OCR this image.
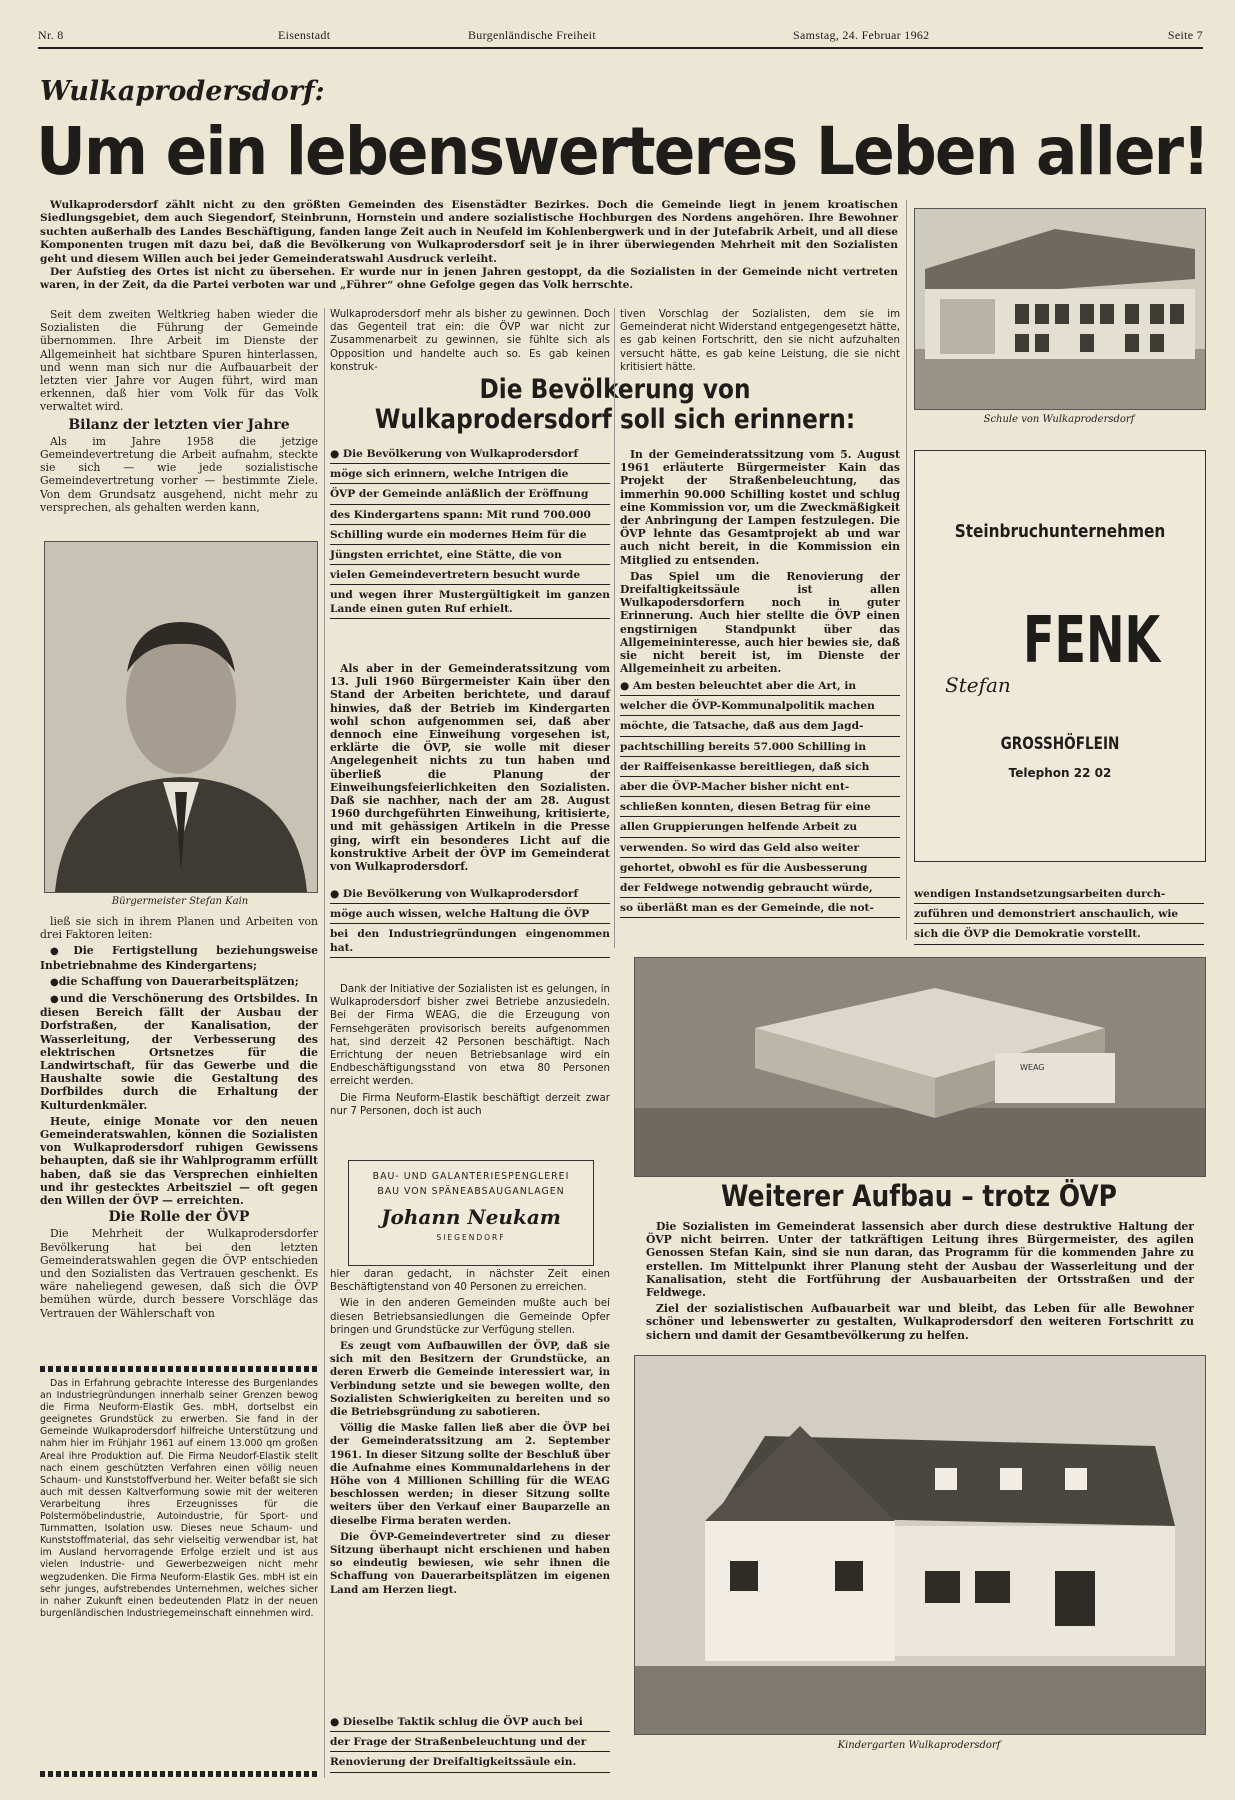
Nr. 8	Eisenstadt	Burgenländische Freiheit	Samstag, 24. Februar 1962	Seite 7
Wulkaprodersdorf:
Um ein lebenswerteres Leben aller!

Wulkaprodersdorf zählt nicht zu den größten Gemeinden des Eisenstädter Bezirkes. Doch die Gemeinde liegt in jenem kroatischen Siedlungsgebiet, dem auch Siegendorf, Steinbrunn, Hornstein und andere sozialistische Hochburgen des Nordens angehören. Ihre Bewohner suchten außerhalb des Landes Beschäftigung, fanden lange Zeit auch in Neufeld im Kohlenbergwerk und in der Jutefabrik Arbeit, und all diese Komponenten trugen mit dazu bei, daß die Bevölkerung von Wulkaprodersdorf seit je in ihrer überwiegenden Mehrheit mit den Sozialisten geht und diesem Willen auch bei jeder Gemeinderatswahl Ausdruck verleiht.

Der Aufstieg des Ortes ist nicht zu übersehen. Er wurde nur in jenen Jahren gestoppt, da die Sozialisten in der Gemeinde nicht vertreten waren, in der Zeit, da die Partei verboten war und „Führer“ ohne Gefolge gegen das Volk herrschte.

Schule von Wulkaprodersdorf

Seit dem zweiten Weltkrieg haben wieder die Sozialisten die Führung der Gemeinde übernommen. Ihre Arbeit im Dienste der Allgemeinheit hat sichtbare Spuren hinterlassen, und wenn man sich nur die Aufbauarbeit der letzten vier Jahre vor Augen führt, wird man erkennen, daß hier vom Volk für das Volk verwaltet wird.

Bilanz der letzten vier Jahre

Als im Jahre 1958 die jetzige Gemeindevertretung die Arbeit aufnahm, steckte sie sich — wie jede sozialistische Gemeindevertretung vorher — bestimmte Ziele. Von dem Grundsatz ausgehend, nicht mehr zu versprechen, als gehalten werden kann,

Bürgermeister Stefan Kain

ließ sie sich in ihrem Planen und Arbeiten von drei Faktoren leiten:

● Die Fertigstellung beziehungsweise Inbetriebnahme des Kindergartens;

● die Schaffung von Dauerarbeitsplätzen;

● und die Verschönerung des Ortsbildes. In diesen Bereich fällt der Ausbau der Dorfstraßen, der Kanalisation, der Wasserleitung, der Verbesserung des elektrischen Ortsnetzes für die Landwirtschaft, für das Gewerbe und die Haushalte sowie die Gestaltung des Dorfbildes durch die Erhaltung der Kulturdenkmäler.

Heute, einige Monate vor den neuen Gemeinderatswahlen, können die Sozialisten von Wulkaprodersdorf ruhigen Gewissens behaupten, daß sie ihr Wahlprogramm erfüllt haben, daß sie das Versprechen einhielten und ihr gestecktes Arbeitsziel — oft gegen den Willen der ÖVP — erreichten.

Die Rolle der ÖVP

Die Mehrheit der Wulkaprodersdorfer Bevölkerung hat bei den letzten Gemeinderatswahlen gegen die ÖVP entschieden und den Sozialisten das Vertrauen geschenkt. Es wäre naheliegend gewesen, daß sich die ÖVP bemühen würde, durch bessere Vorschläge das Vertrauen der Wählerschaft von

Das in Erfahrung gebrachte Interesse des Burgenlandes an Industriegründungen innerhalb seiner Grenzen bewog die Firma Neuform-Elastik Ges. mbH, dortselbst ein geeignetes Grundstück zu erwerben. Sie fand in der Gemeinde Wulkaprodersdorf hilfreiche Unterstützung und nahm hier im Frühjahr 1961 auf einem 13.000 qm großen Areal ihre Produktion auf. Die Firma Neudorf-Elastik stellt nach einem geschützten Verfahren einen völlig neuen Schaum- und Kunststoffverbund her. Weiter befaßt sie sich auch mit dessen Kaltverformung sowie mit der weiteren Verarbeitung ihres Erzeugnisses für die Polstermöbelindustrie, Autoindustrie, für Sport- und Turnmatten, Isolation usw. Dieses neue Schaum- und Kunststoffmaterial, das sehr vielseitig verwendbar ist, hat im Ausland hervorragende Erfolge erzielt und ist aus vielen Industrie- und Gewerbezweigen nicht mehr wegzudenken. Die Firma Neuform-Elastik Ges. mbH ist ein sehr junges, aufstrebendes Unternehmen, welches sicher in naher Zukunft einen bedeutenden Platz in der neuen burgenländischen Industriegemeinschaft einnehmen wird.

Wulkaprodersdorf mehr als bisher zu gewinnen. Doch das Gegenteil trat ein: die ÖVP war nicht zur Zusammenarbeit zu gewinnen, sie fühlte sich als Opposition und handelte auch so. Es gab keinen konstruk-

Die Bevölkerung von Wulkaprodersdorf soll sich erinnern:
● Die Bevölkerung von Wulkaprodersdorf
möge sich erinnern, welche Intrigen die
ÖVP der Gemeinde anläßlich der Eröffnung
des Kindergartens spann: Mit rund 700.000
Schilling wurde ein modernes Heim für die
Jüngsten errichtet, eine Stätte, die von
vielen Gemeindevertretern besucht wurde
und wegen ihrer Mustergültigkeit im ganzen Lande einen guten Ruf erhielt.

Als aber in der Gemeinderatssitzung vom 13. Juli 1960 Bürgermeister Kain über den Stand der Arbeiten berichtete, und darauf hinwies, daß der Betrieb im Kindergarten wohl schon aufgenommen sei, daß aber dennoch eine Einweihung vorgesehen ist, erklärte die ÖVP, sie wolle mit dieser Angelegenheit nichts zu tun haben und überließ die Planung der Einweihungsfeierlichkeiten den Sozialisten. Daß sie nachher, nach der am 28. August 1960 durchgeführten Einweihung, kritisierte, und mit gehässigen Artikeln in die Presse ging, wirft ein besonderes Licht auf die konstruktive Arbeit der ÖVP im Gemeinderat von Wulkaprodersdorf.

● Die Bevölkerung von Wulkaprodersdorf
möge auch wissen, welche Haltung die ÖVP
bei den Industriegründungen eingenommen hat.

Dank der Initiative der Sozialisten ist es gelungen, in Wulkaprodersdorf bisher zwei Betriebe anzusiedeln. Bei der Firma WEAG, die die Erzeugung von Fernsehgeräten provisorisch bereits aufgenommen hat, sind derzeit 42 Personen beschäftigt. Nach Errichtung der neuen Betriebsanlage wird ein Endbeschäftigungsstand von etwa 80 Personen erreicht werden.

Die Firma Neuform-Elastik beschäftigt derzeit zwar nur 7 Personen, doch ist auch

BAU- UND GALANTERIESPENGLEREI
BAU VON SPÄNEABSAUGANLAGEN
Johann Neukam
SIEGENDORF

hier daran gedacht, in nächster Zeit einen Beschäftigtenstand von 40 Personen zu erreichen.

Wie in den anderen Gemeinden mußte auch bei diesen Betriebsansiedlungen die Gemeinde Opfer bringen und Grundstücke zur Verfügung stellen.

Es zeugt vom Aufbauwillen der ÖVP, daß sie sich mit den Besitzern der Grundstücke, an deren Erwerb die Gemeinde interessiert war, in Verbindung setzte und sie bewegen wollte, den Sozialisten Schwierigkeiten zu bereiten und so die Betriebsgründung zu sabotieren.

Völlig die Maske fallen ließ aber die ÖVP bei der Gemeinderatssitzung am 2. September 1961. In dieser Sitzung sollte der Beschluß über die Aufnahme eines Kommunaldarlehens in der Höhe von 4 Millionen Schilling für die WEAG beschlossen werden; in dieser Sitzung sollte weiters über den Verkauf einer Bauparzelle an dieselbe Firma beraten werden.

Die ÖVP-Gemeindevertreter sind zu dieser Sitzung überhaupt nicht erschienen und haben so eindeutig bewiesen, wie sehr ihnen die Schaffung von Dauerarbeitsplätzen im eigenen Land am Herzen liegt.

● Dieselbe Taktik schlug die ÖVP auch bei
der Frage der Straßenbeleuchtung und der
Renovierung der Dreifaltigkeitssäule ein.

tiven Vorschlag der Sozialisten, dem sie im Gemeinderat nicht Widerstand entgegengesetzt hätte, es gab keinen Fortschritt, den sie nicht aufzuhalten versucht hätte, es gab keine Leistung, die sie nicht kritisiert hätte.

In der Gemeinderatssitzung vom 5. August 1961 erläuterte Bürgermeister Kain das Projekt der Straßenbeleuchtung, das immerhin 90.000 Schilling kostet und schlug eine Kommission vor, um die Zweckmäßigkeit der Anbringung der Lampen festzulegen. Die ÖVP lehnte das Gesamtprojekt ab und war auch nicht bereit, in die Kommission ein Mitglied zu entsenden.

Das Spiel um die Renovierung der Dreifaltigkeitssäule ist allen Wulkapodersdorfern noch in guter Erinnerung. Auch hier stellte die ÖVP einen engstirnigen Standpunkt über das Allgemeininteresse, auch hier bewies sie, daß sie nicht bereit ist, im Dienste der Allgemeinheit zu arbeiten.

● Am besten beleuchtet aber die Art, in
welcher die ÖVP-Kommunalpolitik machen
möchte, die Tatsache, daß aus dem Jagd-
pachtschilling bereits 57.000 Schilling in
der Raiffeisenkasse bereitliegen, daß sich
aber die ÖVP-Macher bisher nicht ent-
schließen konnten, diesen Betrag für eine
allen Gruppierungen helfende Arbeit zu
verwenden. So wird das Geld also weiter
gehortet, obwohl es für die Ausbesserung
der Feldwege notwendig gebraucht würde,
so überläßt man es der Gemeinde, die not-
Steinbruchunternehmen
Stefan
FENK
GROSSHÖFLEIN
Telephon 22 02
wendigen Instandsetzungsarbeiten durch-
zuführen und demonstriert anschaulich, wie
sich die ÖVP die Demokratie vorstellt.
WEAG
Weiterer Aufbau – trotz ÖVP

Die Sozialisten im Gemeinderat lassensich aber durch diese destruktive Haltung der ÖVP nicht beirren. Unter der tatkräftigen Leitung ihres Bürgermeister, des agilen Genossen Stefan Kain, sind sie nun daran, das Programm für die kommenden Jahre zu erstellen. Im Mittelpunkt ihrer Planung steht der Ausbau der Wasserleitung und der Kanalisation, steht die Fortführung der Ausbauarbeiten der Ortsstraßen und der Feldwege.

Ziel der sozialistischen Aufbauarbeit war und bleibt, das Leben für alle Bewohner schöner und lebenswerter zu gestalten, Wulkaprodersdorf den weiteren Fortschritt zu sichern und damit der Gesamtbevölkerung zu helfen.

Kindergarten Wulkaprodersdorf
